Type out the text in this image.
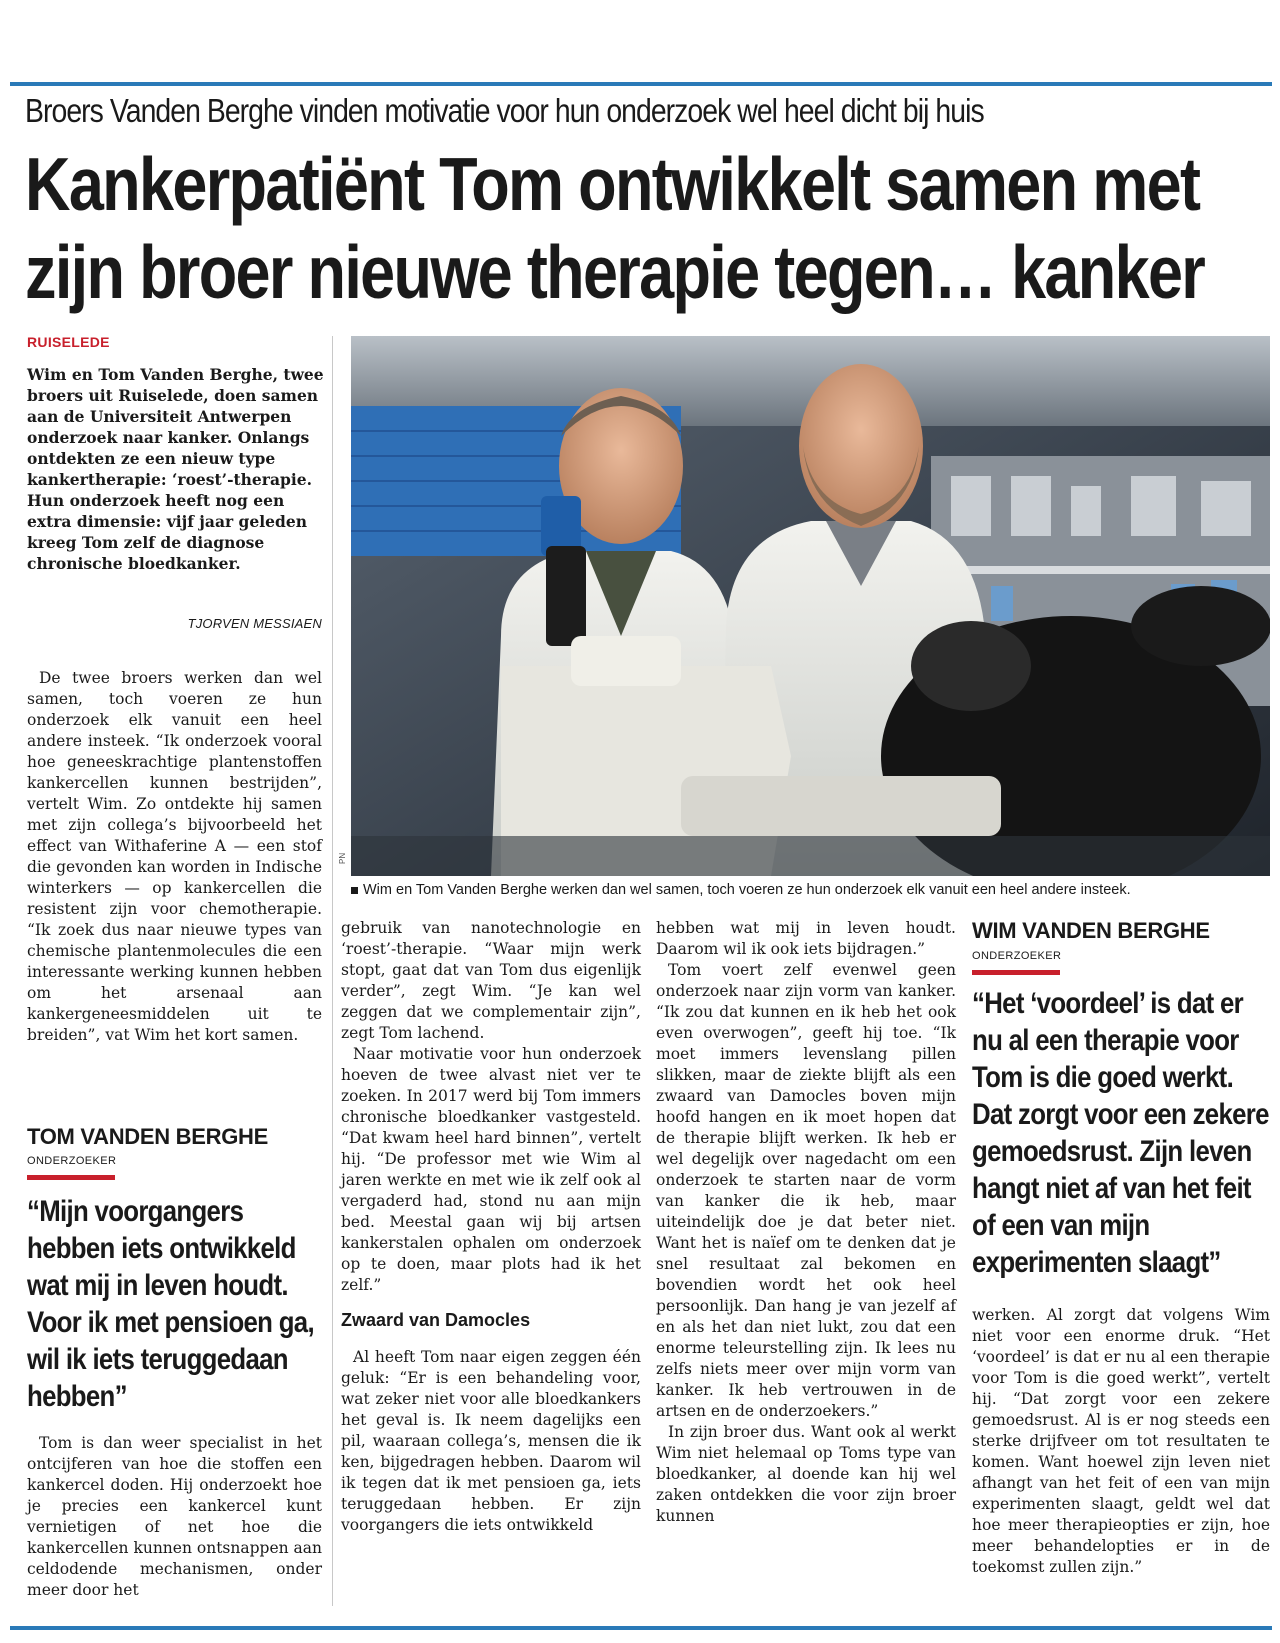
Broers Vanden Berghe vinden motivatie voor hun onderzoek wel heel dicht bij huis
Kankerpatiënt Tom ontwikkelt samen met
zijn broer nieuwe therapie tegen… kanker
RUISELEDE
Wim en Tom Vanden Berghe, twee broers uit Ruiselede, doen samen aan de Universiteit Antwerpen onderzoek naar kanker. Onlangs ontdekten ze een nieuw type kankertherapie: ‘roest’-therapie. Hun onderzoek heeft nog een extra dimensie: vijf jaar geleden kreeg Tom zelf de diagnose chronische bloedkanker.
TJORVEN MESSIAEN
PN
Wim en Tom Vanden Berghe werken dan wel samen, toch voeren ze hun onderzoek elk vanuit een heel andere insteek.

De twee broers werken dan wel samen, toch voeren ze hun onderzoek elk vanuit een heel andere insteek. “Ik onderzoek vooral hoe geneeskrachtige plantenstoffen kankercellen kunnen bestrijden”, vertelt Wim. Zo ontdekte hij samen met zijn collega’s bijvoorbeeld het effect van Withaferine A — een stof die gevonden kan worden in Indische winterkers — op kankercellen die resistent zijn voor chemotherapie. “Ik zoek dus naar nieuwe types van chemische plantenmolecules die een interessante werking kunnen hebben om het arsenaal aan kankergeneesmiddelen uit te breiden”, vat Wim het kort samen.

TOM VANDEN BERGHE
ONDERZOEKER
“Mijn voorgangers hebben iets ontwikkeld wat mij in leven houdt. Voor ik met pensioen ga, wil ik iets teruggedaan hebben”

Tom is dan weer specialist in het ontcijferen van hoe die stoffen een kankercel doden. Hij onderzoekt hoe je precies een kankercel kunt vernietigen of net hoe die kankercellen kunnen ontsnappen aan celdodende mechanismen, onder meer door het

gebruik van nanotechnologie en ‘roest’-therapie. “Waar mijn werk stopt, gaat dat van Tom dus eigenlijk verder”, zegt Wim. “Je kan wel zeggen dat we complementair zijn”, zegt Tom lachend.

Naar motivatie voor hun onderzoek hoeven de twee alvast niet ver te zoeken. In 2017 werd bij Tom immers chronische bloedkanker vastgesteld. “Dat kwam heel hard binnen”, vertelt hij. “De professor met wie Wim al jaren werkte en met wie ik zelf ook al vergaderd had, stond nu aan mijn bed. Meestal gaan wij bij artsen kankerstalen ophalen om onderzoek op te doen, maar plots had ik het zelf.”

Zwaard van Damocles

Al heeft Tom naar eigen zeggen één geluk: “Er is een behandeling voor, wat zeker niet voor alle bloedkankers het geval is. Ik neem dagelijks een pil, waaraan collega’s, mensen die ik ken, bijgedragen hebben. Daarom wil ik tegen dat ik met pensioen ga, iets teruggedaan hebben. Er zijn voorgangers die iets ontwikkeld

hebben wat mij in leven houdt. Daarom wil ik ook iets bijdragen.”

Tom voert zelf evenwel geen onderzoek naar zijn vorm van kanker. “Ik zou dat kunnen en ik heb het ook even overwogen”, geeft hij toe. “Ik moet immers levenslang pillen slikken, maar de ziekte blijft als een zwaard van Damocles boven mijn hoofd hangen en ik moet hopen dat de therapie blijft werken. Ik heb er wel degelijk over nagedacht om een onderzoek te starten naar de vorm van kanker die ik heb, maar uiteindelijk doe je dat beter niet. Want het is naïef om te denken dat je snel resultaat zal bekomen en bovendien wordt het ook heel persoonlijk. Dan hang je van jezelf af en als het dan niet lukt, zou dat een enorme teleurstelling zijn. Ik lees nu zelfs niets meer over mijn vorm van kanker. Ik heb vertrouwen in de artsen en de onderzoekers.”

In zijn broer dus. Want ook al werkt Wim niet helemaal op Toms type van bloedkanker, al doende kan hij wel zaken ontdekken die voor zijn broer kunnen

WIM VANDEN BERGHE
ONDERZOEKER
“Het ‘voordeel’ is dat er nu al een therapie voor Tom is die goed werkt. Dat zorgt voor een zekere gemoedsrust. Zijn leven hangt niet af van het feit of een van mijn experimenten slaagt”

werken. Al zorgt dat volgens Wim niet voor een enorme druk. “Het ‘voordeel’ is dat er nu al een therapie voor Tom is die goed werkt”, vertelt hij. “Dat zorgt voor een zekere gemoedsrust. Al is er nog steeds een sterke drijfveer om tot resultaten te komen. Want hoewel zijn leven niet afhangt van het feit of een van mijn experimenten slaagt, geldt wel dat hoe meer therapieopties er zijn, hoe meer behandelopties er in de toekomst zullen zijn.”
